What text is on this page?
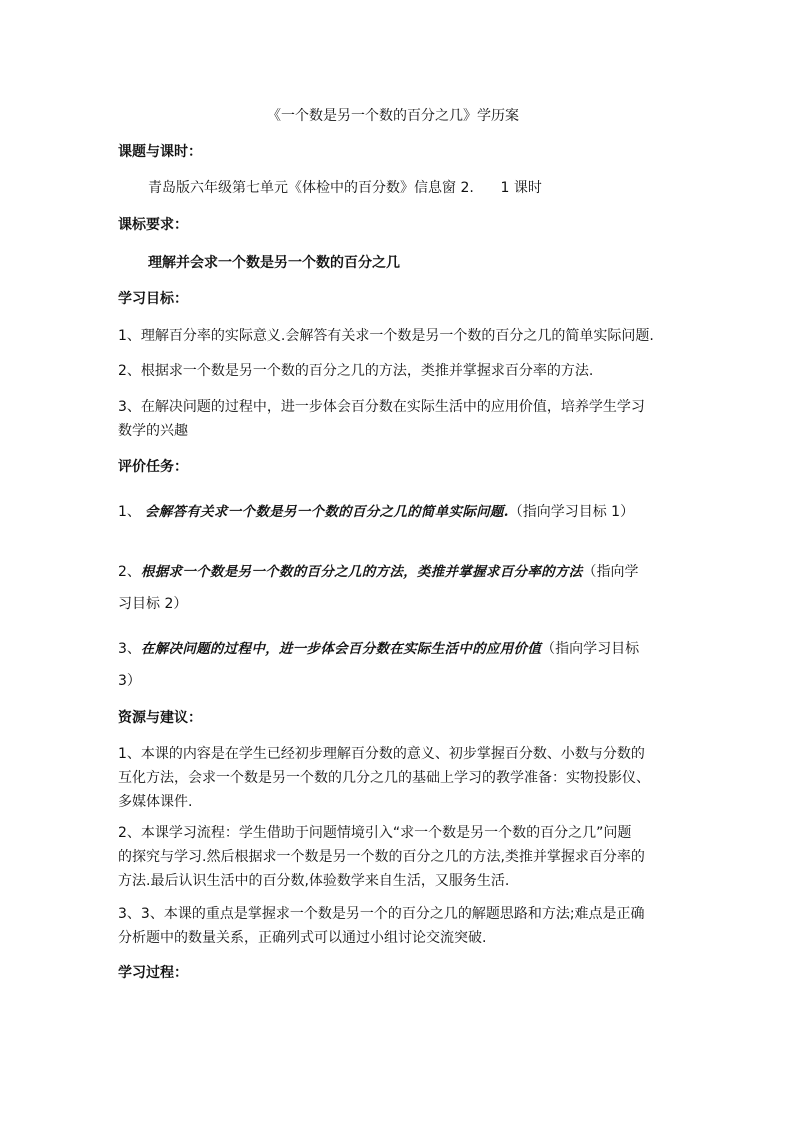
《一个数是另一个数的百分之几》学历案
课题与课时：
青岛版六年级第七单元《体检中的百分数》信息窗 2.      1 课时
课标要求：
理解并会求一个数是另一个数的百分之几
学习目标：
1、理解百分率的实际意义.会解答有关求一个数是另一个数的百分之几的简单实际问题.
2、根据求一个数是另一个数的百分之几的方法，类推并掌握求百分率的方法.
3、在解决问题的过程中，进一步体会百分数在实际生活中的应用价值，培养学生学习
数学的兴趣
评价任务：
1、 会解答有关求一个数是另一个数的百分之几的简单实际问题.（指向学习目标 1）
2、根据求一个数是另一个数的百分之几的方法，类推并掌握求百分率的方法（指向学
习目标 2）
3、在解决问题的过程中，进一步体会百分数在实际生活中的应用价值（指向学习目标
3）
资源与建议：
1、本课的内容是在学生已经初步理解百分数的意义、初步掌握百分数、小数与分数的
互化方法，会求一个数是另一个数的几分之几的基础上学习的教学准备：实物投影仪、
多媒体课件.
2、本课学习流程：学生借助于问题情境引入“求一个数是另一个数的百分之几”问题
的探究与学习.然后根据求一个数是另一个数的百分之几的方法,类推并掌握求百分率的
方法.最后认识生活中的百分数,体验数学来自生活，又服务生活.
3、3、本课的重点是掌握求一个数是另一个的百分之几的解题思路和方法;难点是正确
分析题中的数量关系，正确列式可以通过小组讨论交流突破.
学习过程：
